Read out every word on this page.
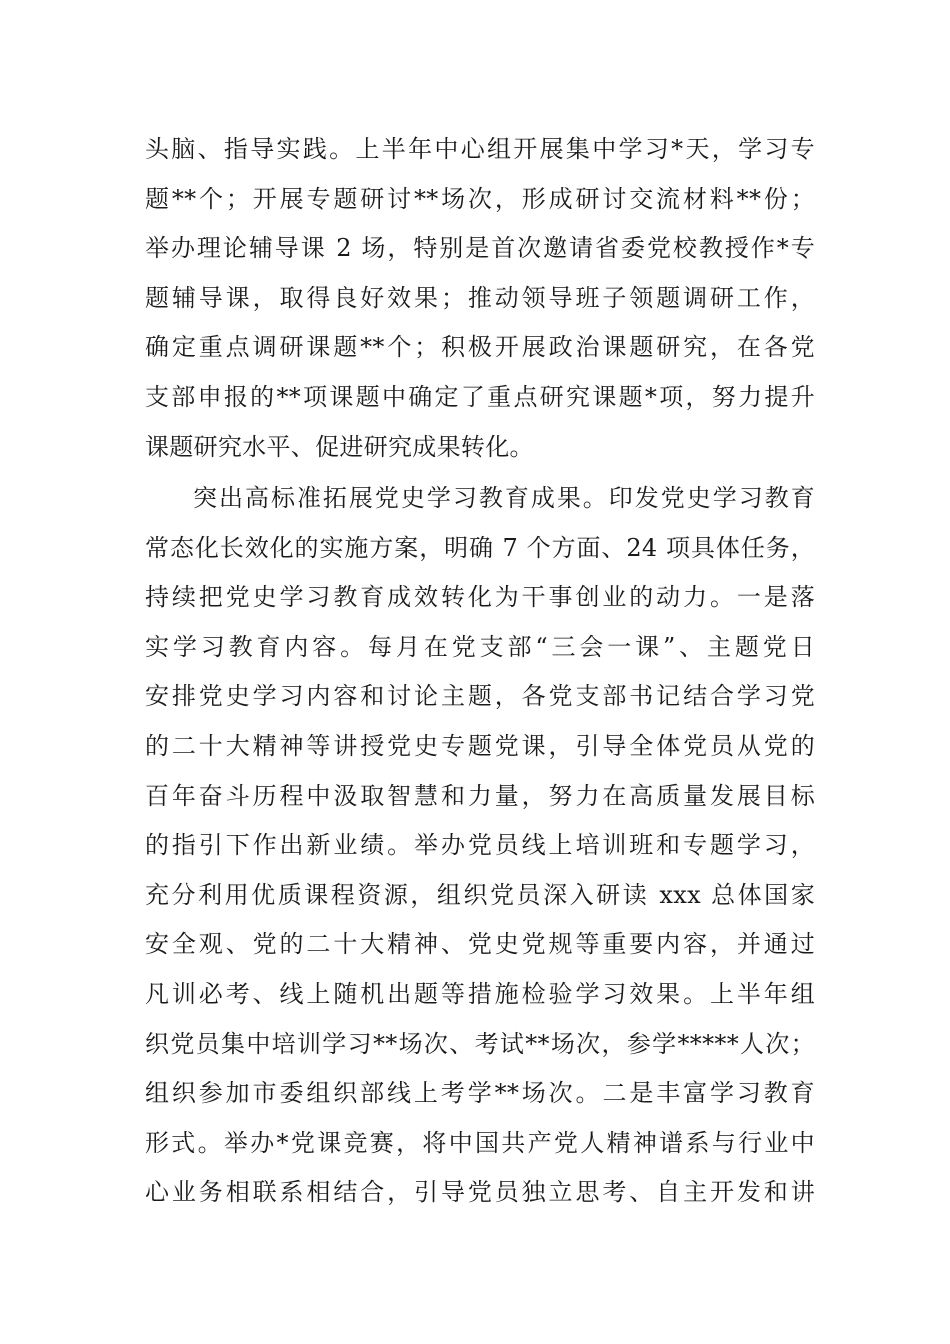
头脑、指导实践。上半年中心组开展集中学习*天，学习专
题**个；开展专题研讨**场次，形成研讨交流材料**份；
举办理论辅导课 2 场，特别是首次邀请省委党校教授作*专
题辅导课，取得良好效果；推动领导班子领题调研工作，
确定重点调研课题**个；积极开展政治课题研究，在各党
支部申报的**项课题中确定了重点研究课题*项，努力提升
课题研究水平、促进研究成果转化。
突出高标准拓展党史学习教育成果。印发党史学习教育
常态化长效化的实施方案，明确 7 个方面、24 项具体任务，
持续把党史学习教育成效转化为干事创业的动力。一是落
实学习教育内容。每月在党支部“三会一课”、主题党日
安排党史学习内容和讨论主题，各党支部书记结合学习党
的二十大精神等讲授党史专题党课，引导全体党员从党的
百年奋斗历程中汲取智慧和力量，努力在高质量发展目标
的指引下作出新业绩。举办党员线上培训班和专题学习，
充分利用优质课程资源，组织党员深入研读 xxx 总体国家
安全观、党的二十大精神、党史党规等重要内容，并通过
凡训必考、线上随机出题等措施检验学习效果。上半年组
织党员集中培训学习**场次、考试**场次，参学*****人次；
组织参加市委组织部线上考学**场次。二是丰富学习教育
形式。举办*党课竞赛，将中国共产党人精神谱系与行业中
心业务相联系相结合，引导党员独立思考、自主开发和讲
